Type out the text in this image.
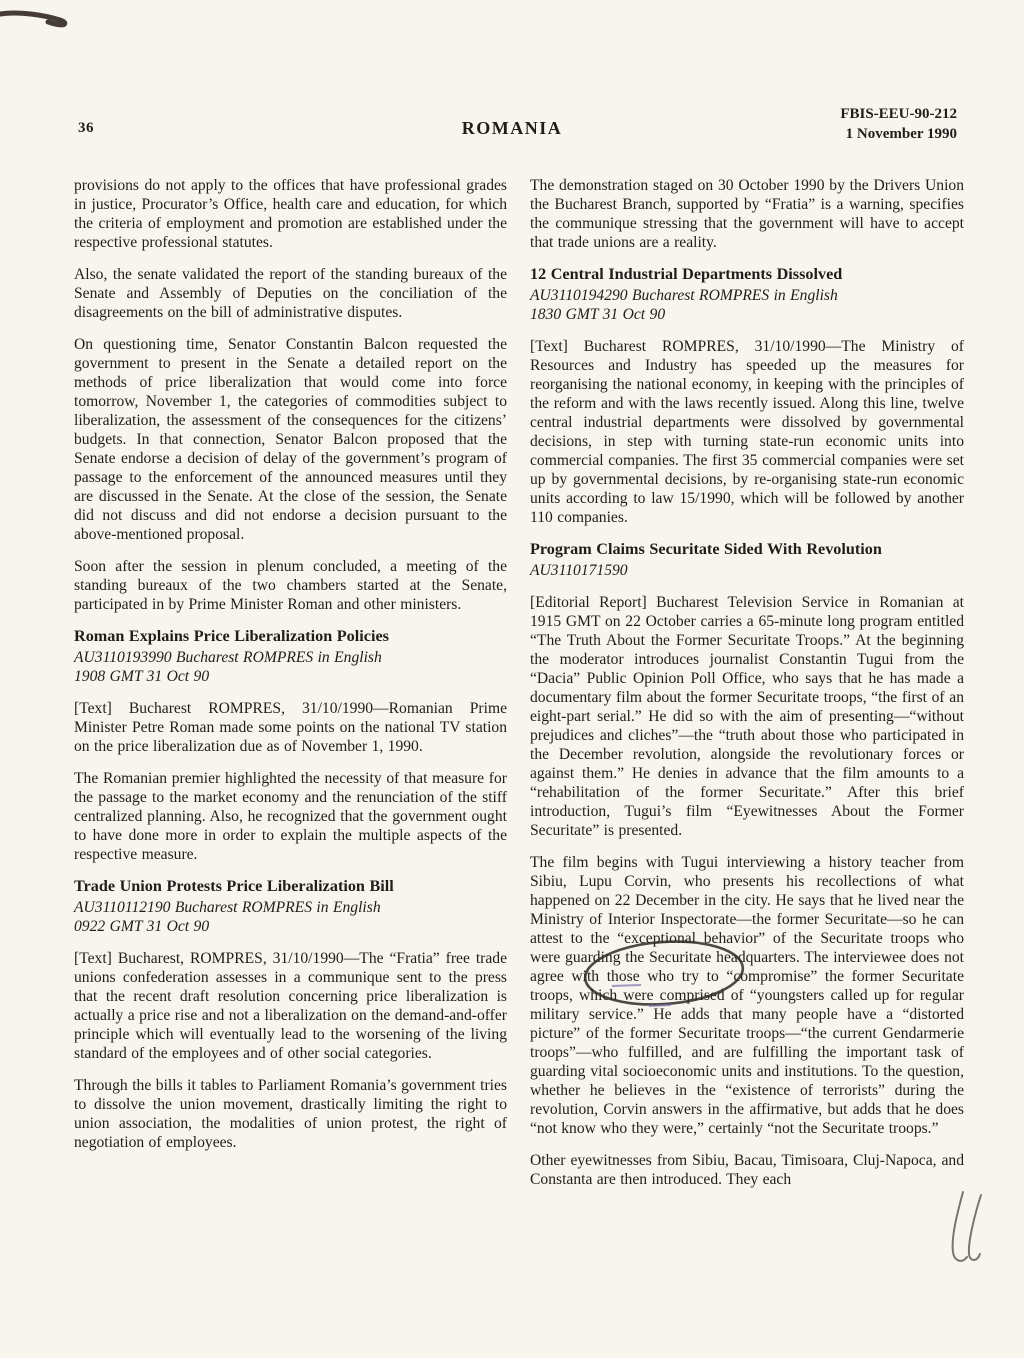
36	ROMANIA
FBIS-EEU-90-212
1 November 1990

provisions do not apply to the offices that have professional grades in justice, Procurator’s Office, health care and education, for which the criteria of employment and promotion are established under the respective professional statutes.

Also, the senate validated the report of the standing bureaux of the Senate and Assembly of Deputies on the conciliation of the disagreements on the bill of administrative disputes.

On questioning time, Senator Constantin Balcon requested the government to present in the Senate a detailed report on the methods of price liberalization that would come into force tomorrow, November 1, the categories of commodities subject to liberalization, the assessment of the consequences for the citizens’ budgets. In that connection, Senator Balcon proposed that the Senate endorse a decision of delay of the government’s program of passage to the enforcement of the announced measures until they are discussed in the Senate. At the close of the session, the Senate did not discuss and did not endorse a decision pursuant to the above-mentioned proposal.

Soon after the session in plenum concluded, a meeting of the standing bureaux of the two chambers started at the Senate, participated in by Prime Minister Roman and other ministers.

Roman Explains Price Liberalization Policies
AU3110193990 Bucharest ROMPRES in English
1908 GMT 31 Oct 90

[Text] Bucharest ROMPRES, 31/10/1990—Romanian Prime Minister Petre Roman made some points on the national TV station on the price liberalization due as of November 1, 1990.

The Romanian premier highlighted the necessity of that measure for the passage to the market economy and the renunciation of the stiff centralized planning. Also, he recognized that the government ought to have done more in order to explain the multiple aspects of the respective measure.

Trade Union Protests Price Liberalization Bill
AU3110112190 Bucharest ROMPRES in English
0922 GMT 31 Oct 90

[Text] Bucharest, ROMPRES, 31/10/1990—The “Fratia” free trade unions confederation assesses in a communique sent to the press that the recent draft resolution concerning price liberalization is actually a price rise and not a liberalization on the demand-and-offer principle which will eventually lead to the worsening of the living standard of the employees and of other social categories.

Through the bills it tables to Parliament Romania’s government tries to dissolve the union movement, drastically limiting the right to union association, the modalities of union protest, the right of negotiation of employees.

The demonstration staged on 30 October 1990 by the Drivers Union the Bucharest Branch, supported by “Fratia” is a warning, specifies the communique stressing that the government will have to accept that trade unions are a reality.

12 Central Industrial Departments Dissolved
AU3110194290 Bucharest ROMPRES in English
1830 GMT 31 Oct 90

[Text] Bucharest ROMPRES, 31/10/1990—The Ministry of Resources and Industry has speeded up the measures for reorganising the national economy, in keeping with the principles of the reform and with the laws recently issued. Along this line, twelve central industrial departments were dissolved by governmental decisions, in step with turning state-run economic units into commercial companies. The first 35 commercial companies were set up by governmental decisions, by re-organising state-run economic units according to law 15/1990, which will be followed by another 110 companies.

Program Claims Securitate Sided With Revolution
AU3110171590

[Editorial Report] Bucharest Television Service in Romanian at 1915 GMT on 22 October carries a 65-minute long program entitled “The Truth About the Former Securitate Troops.” At the beginning the moderator introduces journalist Constantin Tugui from the “Dacia” Public Opinion Poll Office, who says that he has made a documentary film about the former Securitate troops, “the first of an eight-part serial.” He did so with the aim of presenting—“without prejudices and cliches”—the “truth about those who participated in the December revolution, alongside the revolutionary forces or against them.” He denies in advance that the film amounts to a “rehabilitation of the former Securitate.” After this brief introduction, Tugui’s film “Eyewitnesses About the Former Securitate” is presented.

The film begins with Tugui interviewing a history teacher from Sibiu, Lupu Corvin, who presents his recollections of what happened on 22 December in the city. He says that he lived near the Ministry of Interior Inspectorate—the former Securitate—so he can attest to the “exceptional behavior” of the Securitate troops who were guarding the Securitate headquarters. The interviewee does not agree with those who try to “compromise” the former Securitate troops, which were comprised of “youngsters called up for regular military service.” He adds that many people have a “distorted picture” of the former Securitate troops—“the current Gendarmerie troops”—who fulfilled, and are fulfilling the important task of guarding vital socioeconomic units and institutions. To the question, whether he believes in the “existence of terrorists” during the revolution, Corvin answers in the affirmative, but adds that he does “not know who they were,” certainly “not the Securitate troops.”

Other eyewitnesses from Sibiu, Bacau, Timisoara, Cluj-Napoca, and Constanta are then introduced. They each
